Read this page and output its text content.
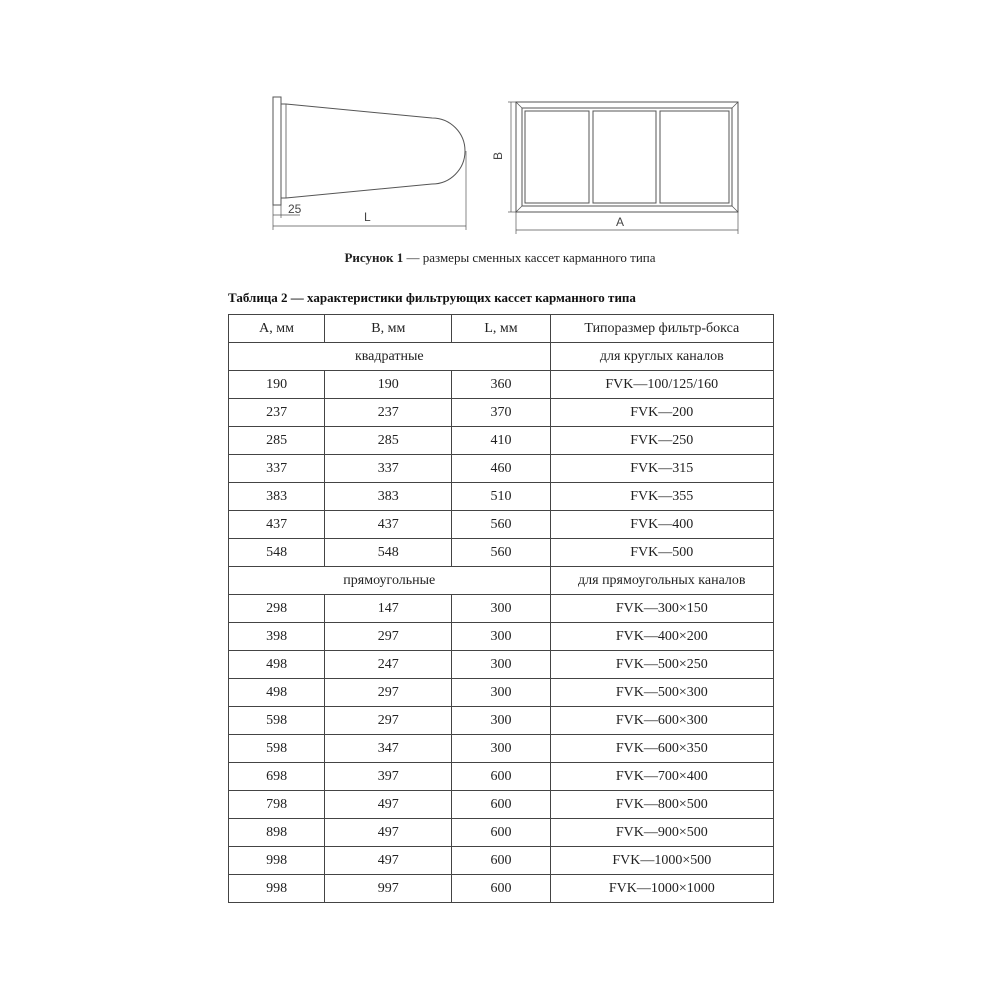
25
L
B
A
Рисунок 1 — размеры сменных кассет карманного типа
Таблица 2 — характеристики фильтрующих кассет карманного типа
А, мм	В, мм	L, мм	Типоразмер фильтр-бокса
квадратные			для круглых каналов
190	190	360	FVK—100/125/160
237	237	370	FVK—200
285	285	410	FVK—250
337	337	460	FVK—315
383	383	510	FVK—355
437	437	560	FVK—400
548	548	560	FVK—500
прямоугольные			для прямоугольных каналов
298	147	300	FVK—300×150
398	297	300	FVK—400×200
498	247	300	FVK—500×250
498	297	300	FVK—500×300
598	297	300	FVK—600×300
598	347	300	FVK—600×350
698	397	600	FVK—700×400
798	497	600	FVK—800×500
898	497	600	FVK—900×500
998	497	600	FVK—1000×500
998	997	600	FVK—1000×1000
